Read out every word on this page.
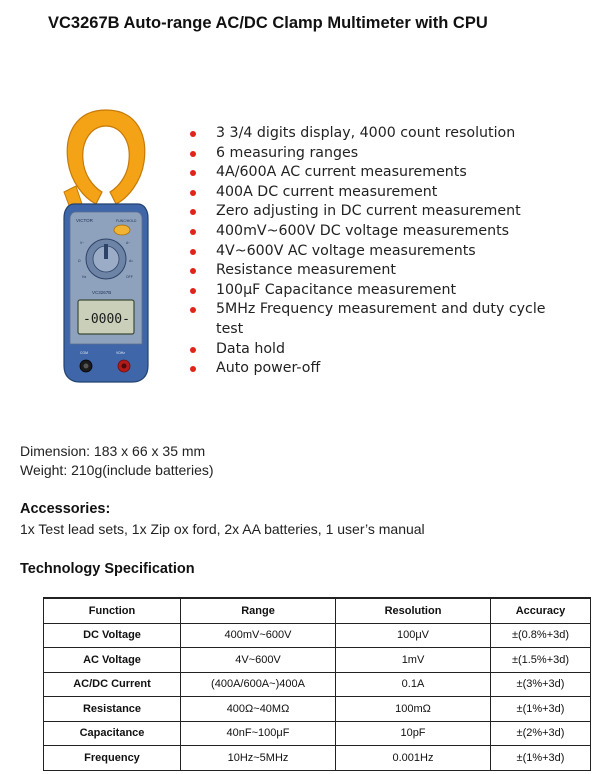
VC3267B Auto-range AC/DC Clamp Multimeter with CPU
VICTOR	FUNC/HOLD
V~
Ω
Hz
A~
A=
OFF
VC3267B
-0000-
COM	VΩHz
3 3/4 digits display, 4000 count resolution
6 measuring ranges
4A/600A AC current measurements
400A DC current measurement
Zero adjusting in DC current measurement
400mV~600V DC voltage measurements
4V~600V AC voltage measurements
Resistance measurement
100μF Capacitance measurement
5MHz Frequency measurement and duty cycle test
Data hold
Auto power-off
Dimension: 183 x 66 x 35 mm
Weight: 210g(include batteries)
Accessories:
1x Test lead sets, 1x Zip ox ford, 2x AA batteries, 1 user’s manual
Technology Specification
Function	Range	Resolution	Accuracy
DC Voltage	400mV~600V	100μV	±(0.8%+3d)
AC Voltage	4V~600V	1mV	±(1.5%+3d)
AC/DC Current	(400A/600A~)400A	0.1A	±(3%+3d)
Resistance	400Ω~40MΩ	100mΩ	±(1%+3d)
Capacitance	40nF~100μF	10pF	±(2%+3d)
Frequency	10Hz~5MHz	0.001Hz	±(1%+3d)
